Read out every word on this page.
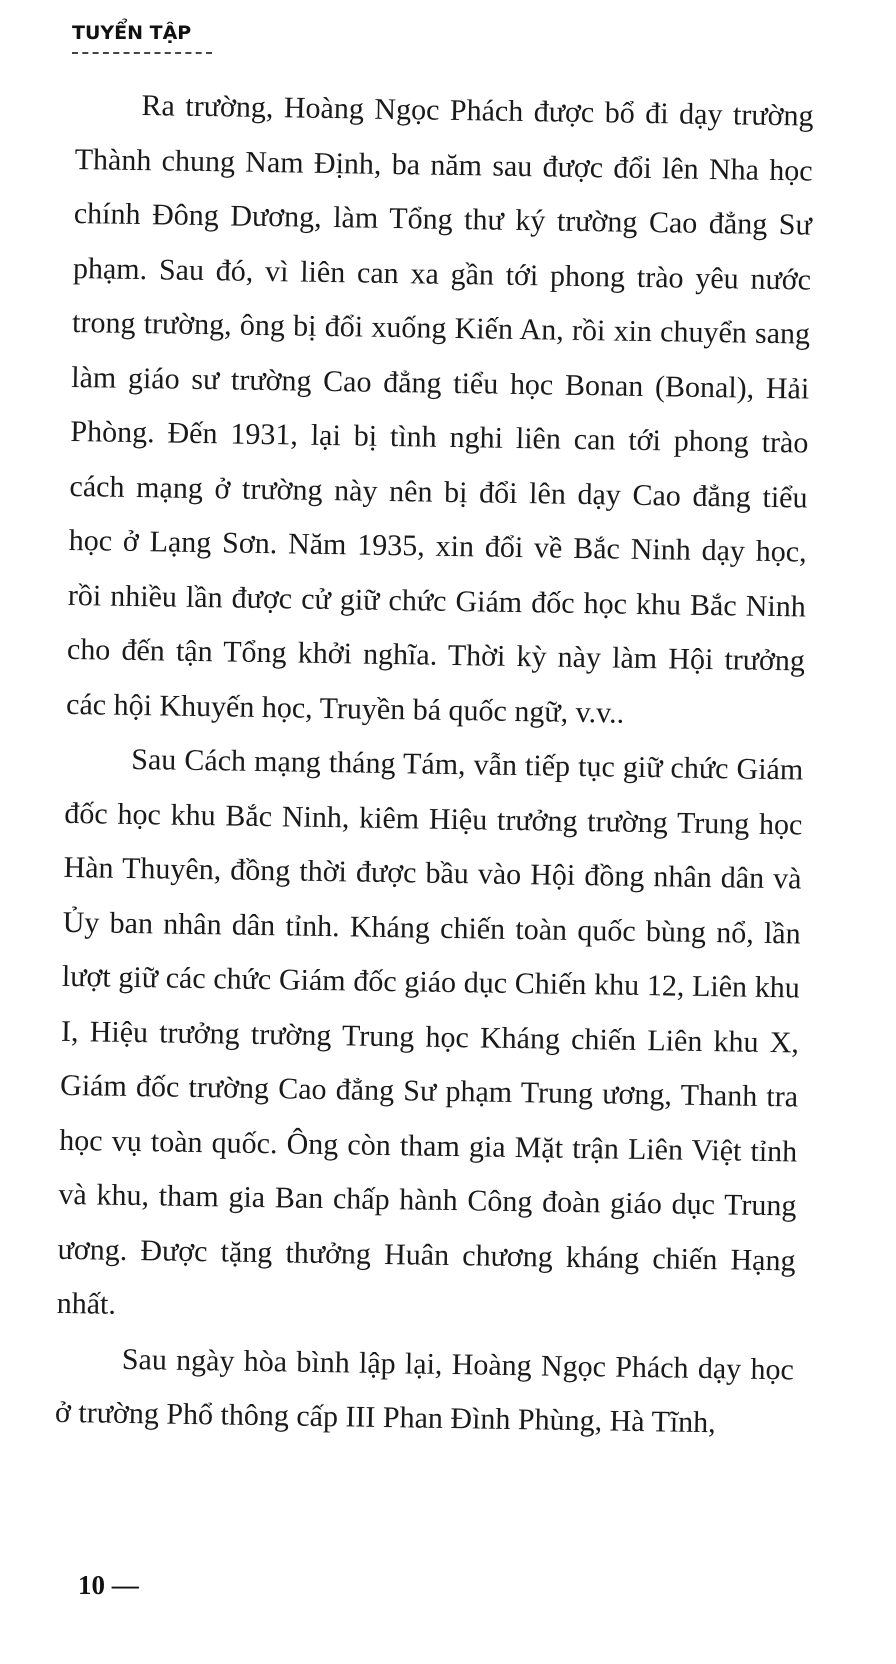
TUYỂN TẬP

Ra trường, Hoàng Ngọc Phách được bổ đi dạy trường Thành chung Nam Định, ba năm sau được đổi lên Nha học chính Đông Dương, làm Tổng thư ký trường Cao đẳng Sư phạm. Sau đó, vì liên can xa gần tới phong trào yêu nước trong trường, ông bị đổi xuống Kiến An, rồi xin chuyển sang làm giáo sư trường Cao đẳng tiểu học Bonan (Bonal), Hải Phòng. Đến 1931, lại bị tình nghi liên can tới phong trào cách mạng ở trường này nên bị đổi lên dạy Cao đẳng tiểu học ở Lạng Sơn. Năm 1935, xin đổi về Bắc Ninh dạy học, rồi nhiều lần được cử giữ chức Giám đốc học khu Bắc Ninh cho đến tận Tổng khởi nghĩa. Thời kỳ này làm Hội trưởng các hội Khuyến học, Truyền bá quốc ngữ, v.v..

Sau Cách mạng tháng Tám, vẫn tiếp tục giữ chức Giám đốc học khu Bắc Ninh, kiêm Hiệu trưởng trường Trung học Hàn Thuyên, đồng thời được bầu vào Hội đồng nhân dân và Ủy ban nhân dân tỉnh. Kháng chiến toàn quốc bùng nổ, lần lượt giữ các chức Giám đốc giáo dục Chiến khu 12, Liên khu I, Hiệu trưởng trường Trung học Kháng chiến Liên khu X, Giám đốc trường Cao đẳng Sư phạm Trung ương, Thanh tra học vụ toàn quốc. Ông còn tham gia Mặt trận Liên Việt tỉnh và khu, tham gia Ban chấp hành Công đoàn giáo dục Trung ương. Được tặng thưởng Huân chương kháng chiến Hạng nhất.

Sau ngày hòa bình lập lại, Hoàng Ngọc Phách dạy học ở trường Phổ thông cấp III Phan Đình Phùng, Hà Tĩnh,

10 —
